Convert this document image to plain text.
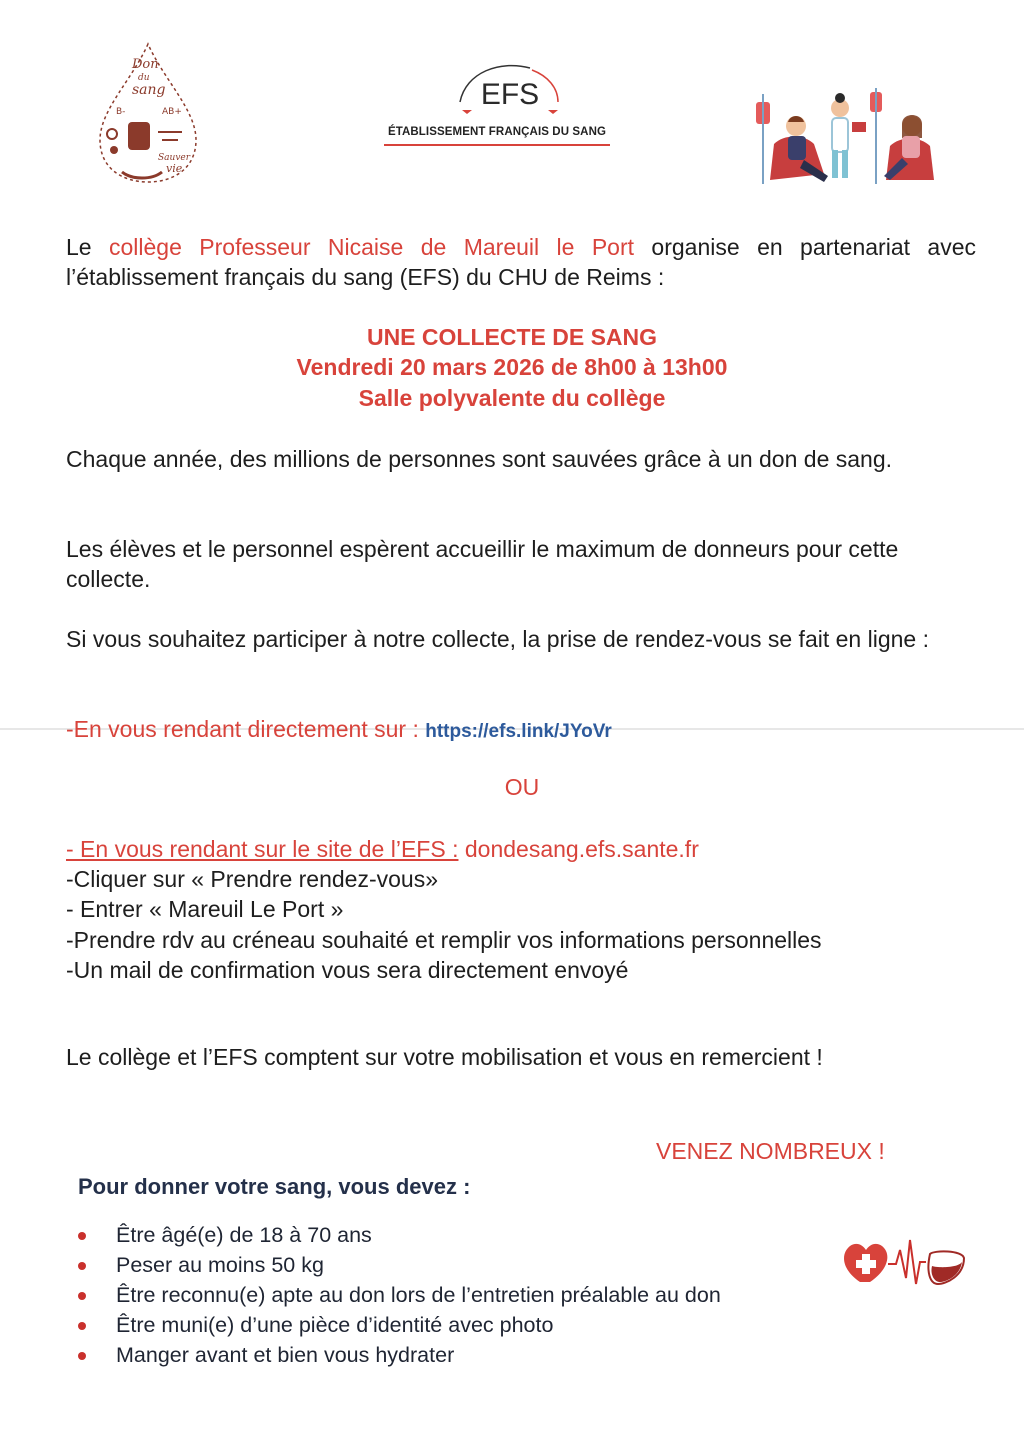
Don
du
sang
B-	AB+
Sauver
vie
EFS
ÉTABLISSEMENT FRANÇAIS DU SANG

Le collège Professeur Nicaise de Mareuil le Port organise en partenariat avec l’établissement français du sang (EFS) du CHU de Reims :

UNE COLLECTE DE SANG
Vendredi 20 mars 2026 de 8h00 à 13h00
Salle polyvalente du collège

Chaque année, des millions de personnes sont sauvées grâce à un don de sang.

Les élèves et le personnel espèrent accueillir le maximum de donneurs pour cette collecte.

Si vous souhaitez participer à notre collecte, la prise de rendez-vous se fait en ligne :

-En vous rendant directement sur : https://efs.link/JYoVr
OU
- En vous rendant sur le site de l’EFS : dondesang.efs.sante.fr
-Cliquer sur « Prendre rendez-vous»
- Entrer « Mareuil Le Port »
-Prendre rdv au créneau souhaité et remplir vos informations personnelles
-Un mail de confirmation vous sera directement envoyé
Le collège et l’EFS comptent sur votre mobilisation et vous en remercient !
VENEZ NOMBREUX !
Pour donner votre sang, vous devez :
Être âgé(e) de 18 à 70 ans
Peser au moins 50 kg
Être reconnu(e) apte au don lors de l’entretien préalable au don
Être muni(e) d’une pièce d’identité avec photo
Manger avant et bien vous hydrater
